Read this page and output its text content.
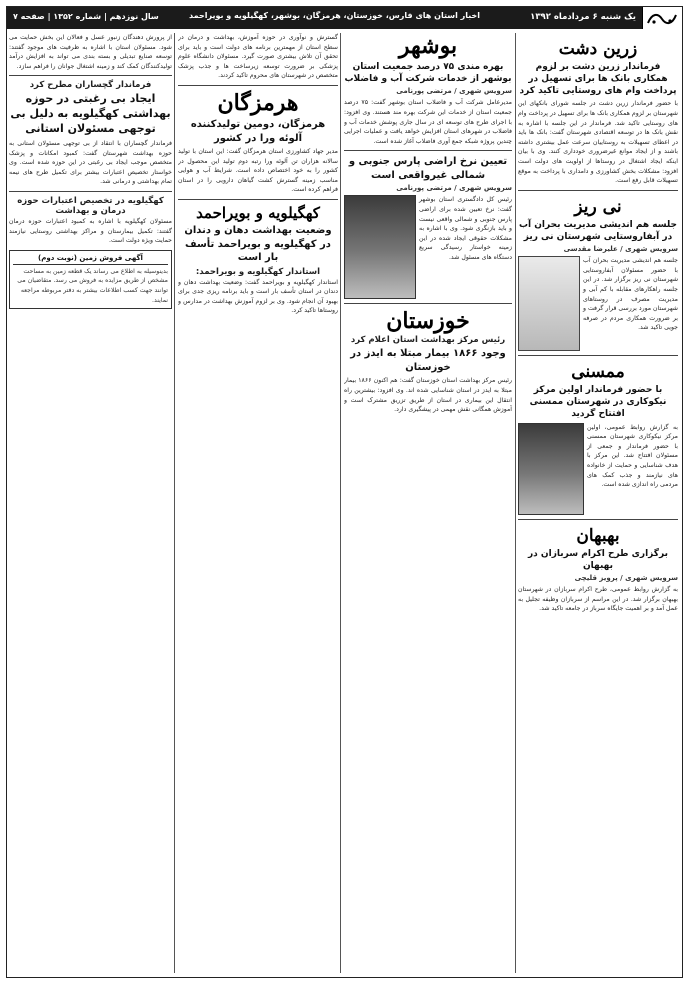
یک شنبه ۶ مردادماه ۱۳۹۲
اخبار استان های فارس، خوزستان، هرمزگان، بوشهر، کهگیلویه و بویراحمد
سال نوزدهم | شماره ۱۳۵۲ | صفحه ۷
زرین دشت
فرماندار زرین دشت بر لزوم همکاری بانک ها برای تسهیل در پرداخت وام های روستایی تاکید کرد
با حضور فرماندار زرین دشت در جلسه شورای بانکهای این شهرستان بر لزوم همکاری بانک ها برای تسهیل در پرداخت وام های روستایی تاکید شد. فرماندار در این جلسه با اشاره به نقش بانک ها در توسعه اقتصادی شهرستان گفت: بانک ها باید در اعطای تسهیلات به روستاییان سرعت عمل بیشتری داشته باشند و از ایجاد موانع غیرضروری خودداری کنند. وی با بیان اینکه ایجاد اشتغال در روستاها از اولویت های دولت است افزود: مشکلات بخش کشاورزی و دامداری با پرداخت به موقع تسهیلات قابل رفع است.
نی ریز
جلسه هم اندیشی مدیریت بحران آب در آبفاروستایی شهرستان نی ریز
سرویس شهری / علیرضا مقدسی
جلسه هم اندیشی مدیریت بحران آب با حضور مسئولان آبفاروستایی شهرستان نی ریز برگزار شد. در این جلسه راهکارهای مقابله با کم آبی و مدیریت مصرف در روستاهای شهرستان مورد بررسی قرار گرفت و بر ضرورت همکاری مردم در صرفه جویی تاکید شد.
ممسنی
با حضور فرماندار اولین مرکز نیکوکاری در شهرستان ممسنی افتتاح گردید
به گزارش روابط عمومی، اولین مرکز نیکوکاری شهرستان ممسنی با حضور فرماندار و جمعی از مسئولان افتتاح شد. این مرکز با هدف شناسایی و حمایت از خانواده های نیازمند و جذب کمک های مردمی راه اندازی شده است.
بهبهان
برگزاری طرح اکرام سربازان در بهبهان
سرویس شهری / پرویز قلیچی
به گزارش روابط عمومی، طرح اکرام سربازان در شهرستان بهبهان برگزار شد. در این مراسم از سربازان وظیفه تجلیل به عمل آمد و بر اهمیت جایگاه سرباز در جامعه تاکید شد.
بوشهر
بهره مندی ۷۵ درصد جمعیت استان بوشهر از خدمات شرکت آب و فاضلاب
سرویس شهری / مرتضی پورنامی
مدیرعامل شرکت آب و فاضلاب استان بوشهر گفت: ۷۵ درصد جمعیت استان از خدمات این شرکت بهره مند هستند. وی افزود: با اجرای طرح های توسعه ای در سال جاری پوشش خدمات آب و فاضلاب در شهرهای استان افزایش خواهد یافت و عملیات اجرایی چندین پروژه شبکه جمع آوری فاضلاب آغاز شده است.
تعیین نرخ اراضی پارس جنوبی و شمالی غیرواقعی است
سرویس شهری / مرتضی پورنامی
رئیس کل دادگستری استان بوشهر گفت: نرخ تعیین شده برای اراضی پارس جنوبی و شمالی واقعی نیست و باید بازنگری شود. وی با اشاره به مشکلات حقوقی ایجاد شده در این زمینه خواستار رسیدگی سریع دستگاه های مسئول شد.
خوزستان
رئیس مرکز بهداشت استان اعلام کرد
وجود ۱۸۶۶ بیمار مبتلا به ایدز در خوزستان
رئیس مرکز بهداشت استان خوزستان گفت: هم اکنون ۱۸۶۶ بیمار مبتلا به ایدز در استان شناسایی شده اند. وی افزود: بیشترین راه انتقال این بیماری در استان از طریق تزریق مشترک است و آموزش همگانی نقش مهمی در پیشگیری دارد.
گسترش و نوآوری در حوزه آموزش، بهداشت و درمان در سطح استان از مهمترین برنامه های دولت است و باید برای تحقق آن تلاش بیشتری صورت گیرد. مسئولان دانشگاه علوم پزشکی بر ضرورت توسعه زیرساخت ها و جذب پزشک متخصص در شهرستان های محروم تاکید کردند.
هرمزگان
هرمزگان، دومین تولیدکننده آلوئه ورا در کشور
مدیر جهاد کشاورزی استان هرمزگان گفت: این استان با تولید سالانه هزاران تن آلوئه ورا رتبه دوم تولید این محصول در کشور را به خود اختصاص داده است. شرایط آب و هوایی مناسب زمینه گسترش کشت گیاهان دارویی را در استان فراهم کرده است.
کهگیلویه و بویراحمد
وضعیت بهداشت دهان و دندان در کهگیلویه و بویراحمد تأسف بار است
استاندار کهگیلویه و بویراحمد:
استاندار کهگیلویه و بویراحمد گفت: وضعیت بهداشت دهان و دندان در استان تأسف بار است و باید برنامه ریزی جدی برای بهبود آن انجام شود. وی بر لزوم آموزش بهداشت در مدارس و روستاها تاکید کرد.
از پرورش دهندگان زنبور عسل و فعالان این بخش حمایت می شود. مسئولان استان با اشاره به ظرفیت های موجود گفتند: توسعه صنایع تبدیلی و بسته بندی می تواند به افزایش درآمد تولیدکنندگان کمک کند و زمینه اشتغال جوانان را فراهم سازد.
فرماندار گچساران مطرح کرد
ایجاد بی رغبتی در حوزه بهداشتی کهگیلویه به دلیل بی توجهی مسئولان استانی
فرماندار گچساران با انتقاد از بی توجهی مسئولان استانی به حوزه بهداشت شهرستان گفت: کمبود امکانات و پزشک متخصص موجب ایجاد بی رغبتی در این حوزه شده است. وی خواستار تخصیص اعتبارات بیشتر برای تکمیل طرح های نیمه تمام بهداشتی و درمانی شد.
کهگیلویه در تخصیص اعتبارات حوزه درمان و بهداشت
مسئولان کهگیلویه با اشاره به کمبود اعتبارات حوزه درمان گفتند: تکمیل بیمارستان و مراکز بهداشتی روستایی نیازمند حمایت ویژه دولت است.
آگهی فروش زمین (نوبت دوم)
بدینوسیله به اطلاع می رساند یک قطعه زمین به مساحت مشخص از طریق مزایده به فروش می رسد. متقاضیان می توانند جهت کسب اطلاعات بیشتر به دفتر مربوطه مراجعه نمایند.
